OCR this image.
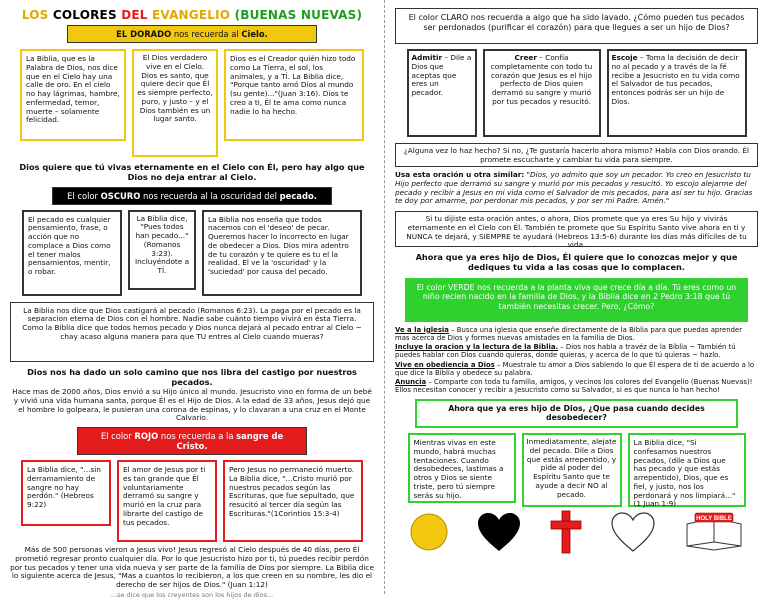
LOS COLORES DEL EVANGELIO (BUENAS NUEVAS)
EL DORADO nos recuerda al Cielo.
La Biblia, que es la Palabra de Dios, nos dice que en el Cielo hay una calle de oro. En el cielo no hay lágrimas, hambre, enfermedad, temor, muerte – solamente felicidad.
El Dios verdadero vive en el Cielo. Dios es santo, que quiere decir que Él es siempre perfecto, puro, y justo – y el Dios también es un lugar santo.
Dios es el Creador quién hizo todo como La Tierra, el sol, los animales, y a TÍ. La Biblia dice, "Porque tanto amó Dios al mundo (su gente)..."(Juan 3:16). Dios te creo a ti, Él te ama como nunca nadie lo ha hecho.
Dios quiere que tú vivas eternamente en el Cielo con Él, pero hay algo que Dios no deja entrar al Cielo.
El color OSCURO nos recuerda al la oscuridad del pecado.
El pecado es cualquier pensamiento, frase, o acción que no complace a Dios como el tener malos pensamientos, mentir, o robar.
La Biblia dice, "Pues todos han pecado..." (Romanos 3:23). Incluyéndote a TÍ.
La Biblia nos enseña que todos nacemos con el 'deseo' de pecar. Queremos hacer lo incorrecto en lugar de obedecer a Dios. Dios mira adentro de tu corazón y te quiere es tu el la realidad. El ve la 'oscuridad' y la 'suciedad' por causa del pecado.
La Biblia nos dice que Dios castigará al pecado (Romanos 6:23). La paga por el pecado es la separacion eterna de Dios con el hombre. Nadie sabe cuánto tiempo vivirá en ésta Tierra. Como la Biblia dice que todos hemos pecado y Dios nunca dejará al pecado entrar al Cielo ~ chay acaso alguna manera para que TU entres al Cielo cuando mueras?
Dios nos ha dado un solo camino que nos libra del castigo por nuestros pecados.
Hace mas de 2000 años, Dios envió a su Hijo único al mundo. Jesucristo vino en forma de un bebé y vivió una vida humana santa, porque Él es el Hijo de Dios. A la edad de 33 años, Jesus dejó que el hombre lo golpeara, le pusieran una corona de espinas, y lo clavaran a una cruz en el Monte Calvario.
El color ROJO nos recuerda a la sangre de Cristo.
La Biblia dice, "...sin derramamiento de sangre no hay perdón." (Hebreos 9:22)
El amor de Jesus por ti es tan grande que Él voluntariamente derramó su sangre y murió en la cruz para librarte del castigo de tus pecados.
Pero Jesus no permaneció muerto. La Biblia dice, "...Cristo murió por nuestros pecados según las Escrituras, que fue sepultado, que resucitó al tercer día según las Escrituras."(1Corintios 15:3-4)
Más de 500 personas vieron a Jesus vivo! Jesus regresó al Cielo después de 40 días, pero Él prometió regresar pronto cualquier día. Por lo que Jesucristo hizo por ti, tú puedes recibir perdón por tus pecados y tener una vida nueva y ser parte de la familia de Dios por siempre. La Biblia dice lo siguiente acerca de Jesus, "Mas a cuantos lo recibieron, a los que creen en su nombre, les dio el derecho de ser hijos de Dios." (Juan 1:12)
...se dice que los creyentes son los hijos de dios...
El color CLARO nos recuerda a algo que ha sido lavado. ¿Cómo pueden tus pecados ser perdonados (purificar el corazón) para que llegues a ser un hijo de Dios?
Admitir – Dile a Dios que aceptas que eres un pecador.
Creer – Confía completamente con todo tu corazón que Jesus es el hijo perfecto de Dios quien derramó su sangre y murió por tus pecados y resucitó.
Escoje – Toma la decisión de decir no al pecado y a través de la fé recibe a Jesucristo en tu vida como el Salvador de tus pecados, entonces podrás ser un hijo de Dios.
¿Alguna vez lo haz hecho? Si no, ¿Te gustaría hacerlo ahora mismo? Habla con Dios orando. Él promete escucharte y cambiar tu vida para siempre.
Usa esta oración u otra similar: "Dios, yo admito que soy un pecador. Yo creo en Jesucristo tu Hijo perfecto que derramó su sangre y murió por mis pecados y resucitó. Yo escojo alejarme del pecado y recibir a Jesus en mi vida como el Salvador de mis pecados, para así ser tu hijo. Gracias te doy por amarme, por perdonar mis pecados, y por ser mi Padre. Amén."
Si tu dijiste esta oración antes, o ahora, Dios promete que ya eres Su hijo y vivirás eternamente en el Cielo con Él. También te promete que Su Espíritu Santo vive ahora en ti y NUNCA te dejará, y SIEMPRE te ayudará (Hebreos 13:5-6) durante los días más difíciles de tu vida.
Ahora que ya eres hijo de Dios, Él quiere que lo conozcas mejor y que dediques tu vida a las cosas que lo complacen.
El color VERDE nos recuerda a la planta viva que crece día a día. Tú eres como un niño recien nacido en la familia de Dios, y la Biblia dice en 2 Pedro 3:18 que tú también necesitas crecer. Pero, ¿Cómo?
Ve a la iglesia – Busca una iglesia que enseñe directamente de la Biblia para que puedas aprender mas acerca de Dios y formes nuevas amistades en la familia de Dios.
Incluye la oracion y la lectura de la Biblia. – Dios nos habla a travéz de la Biblia ~ También tú puedes hablar con Dios cuando quieras, donde quieras, y acerca de lo que tú quieras ~ hazlo.
Vive en obediencia a Dios – Muestrale tu amor a Dios sabiendo lo que Él espera de ti de acuerdo a lo que dice la Biblia y obedece su palabra.
Anuncia – Comparte con toda tu familia, amigos, y vecinos los colores del Evangelio (Buenas Nuevas)! Ellos necesitan conocer y recibir a Jesucristo como su Salvador, si es que nunca lo han hecho!
Ahora que ya eres hijo de Dios, ¿Que pasa cuando decides desobedecer?
Mientras vivas en este mundo, habrá muchas tentaciones. Cuando desobedeces, lastimas a otros y Dios se siente triste, pero tú siempre serás su hijo.
Inmediatamente, alejate del pecado. Dile a Dios que estás arrepentido, y pide al poder del Espíritu Santo que te ayude a decir NO al pecado.
La Biblia dice, "Si confesamos nuestros pecados, (dile a Dios que has pecado y que estás arrepentido), Dios, que es fiel, y justo, nos los perdonará y nos limpiará..." (1 Juan 1:9)
HOLY BIBLE
